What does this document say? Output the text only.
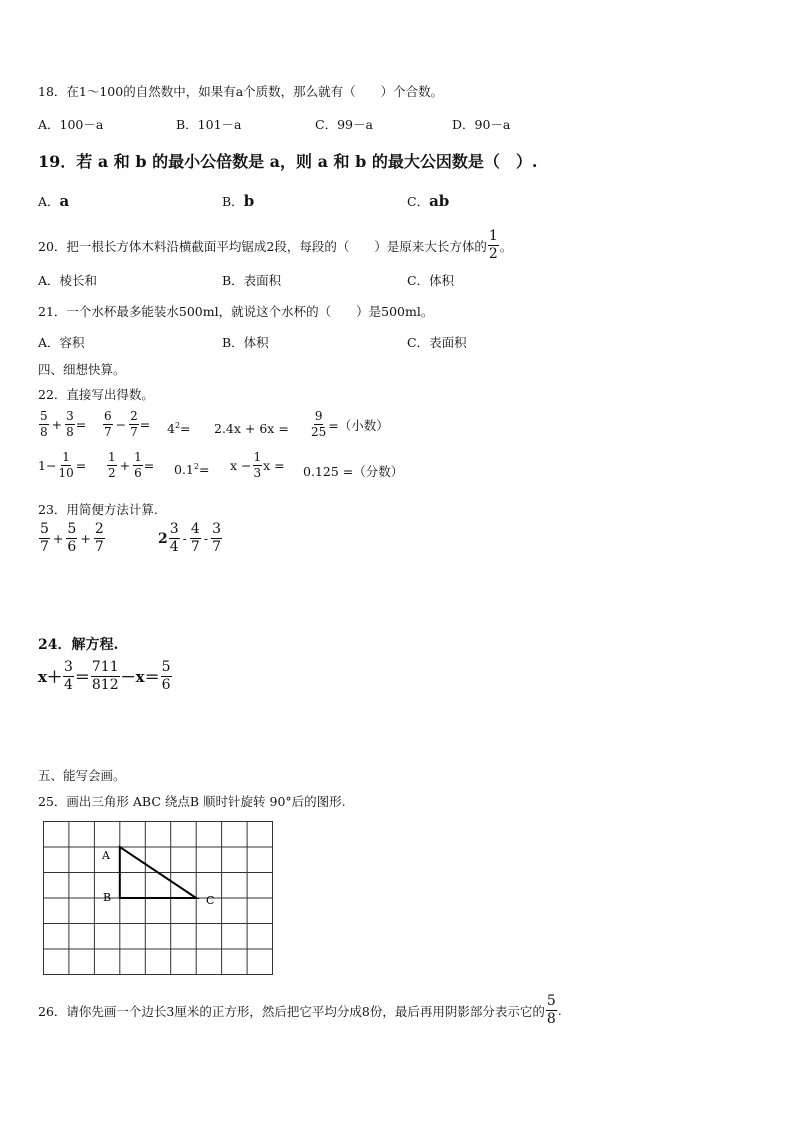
18．在1～100的自然数中，如果有a个质数，那么就有（　　）个合数。
A．100－a	B．101－a	C．99－a	D．90－a
19．若 a 和 b 的最小公倍数是 a，则 a 和 b 的最大公因数是（　）.
A．a	B．b	C．ab
20．把一根长方体木料沿横截面平均锯成2段，每段的（　　）是原来大长方体的 $\frac{1}{2}$ 。
A．棱长和	B．表面积	C．体积
21．一个水杯最多能装水500ml，就说这个水杯的（　　）是500ml。
A．容积	B．体积	C．表面积
四、细想快算。
22．直接写出得数。
$\frac{5}{8} + \frac{3}{8} = \frac{6}{7} - \frac{2}{7} = 4^2 = 2.4x + 6x = \frac{9}{25}$ =（小数）
$1- \frac{1}{10} = \frac{1}{2} + \frac{1}{6} = 0.1^2 = x - \frac{1}{3}$ x = 0.125 =（分数）
23．用简便方法计算.
$\frac{5}{7} + \frac{5}{6} + \frac{2}{7}$	$2 \frac{3}{4} - \frac{4}{7} - \frac{3}{7}$
24．解方程.
$x+ \frac{3}{4} = \frac{711}{812} -x= \frac{5}{6}$
五、能写会画。
25．画出三角形 ABC 绕点B 顺时针旋转 90°后的图形.
A
B	C
26．请你先画一个边长3厘米的正方形，然后把它平均分成8份，最后再用阴影部分表示它的 $\frac{5}{8}$ .
